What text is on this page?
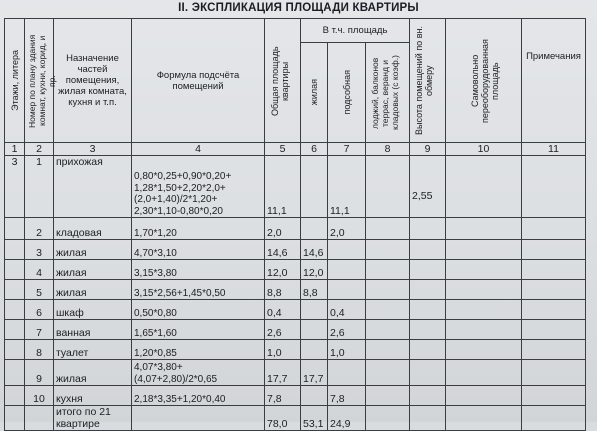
II. ЭКСПЛИКАЦИЯ ПЛОЩАДИ КВАРТИРЫ
Этажи, литера	Номер по плану здания комнат, кухни, корид, и пр.	Назначение частей помещения, жилая комната, кухня и т.п.	Формула подсчёта помещений	Общая площадь квартиры	В т.ч. площадь			Высота помещений по вн. обмеру	Самовольно переоборудованная площадь	Примечания

					жилая	подсобная	лоджий, балконов террас, веранд и кладовых (с коэф.)			

1	2	3	4	5	6	7	8	9	10	11
3	1	прихожая	0,80*0,25+0,90*0,20+
1,28*1,50+2,20*2,0+
(2,0+1,40)/2*1,20+
2,30*1,10-0,80*0,20	11,1		11,1		2,55		
	2	кладовая	1,70*1,20	2,0		2,0				
	3	жилая	4,70*3,10	14,6	14,6					
	4	жилая	3,15*3,80	12,0	12,0					
	5	жилая	3,15*2,56+1,45*0,50	8,8	8,8					
	6	шкаф	0,50*0,80	0,4		0,4				
	7	ванная	1,65*1,60	2,6		2,6				
	8	туалет	1,20*0,85	1,0		1,0				
	9	жилая	4,07*3,80+
(4,07+2,80)/2*0,65	17,7	17,7					
	10	кухня	2,18*3,35+1,20*0,40	7,8		7,8				
		итого по 21 квартире		78,0	53,1	24,9				
